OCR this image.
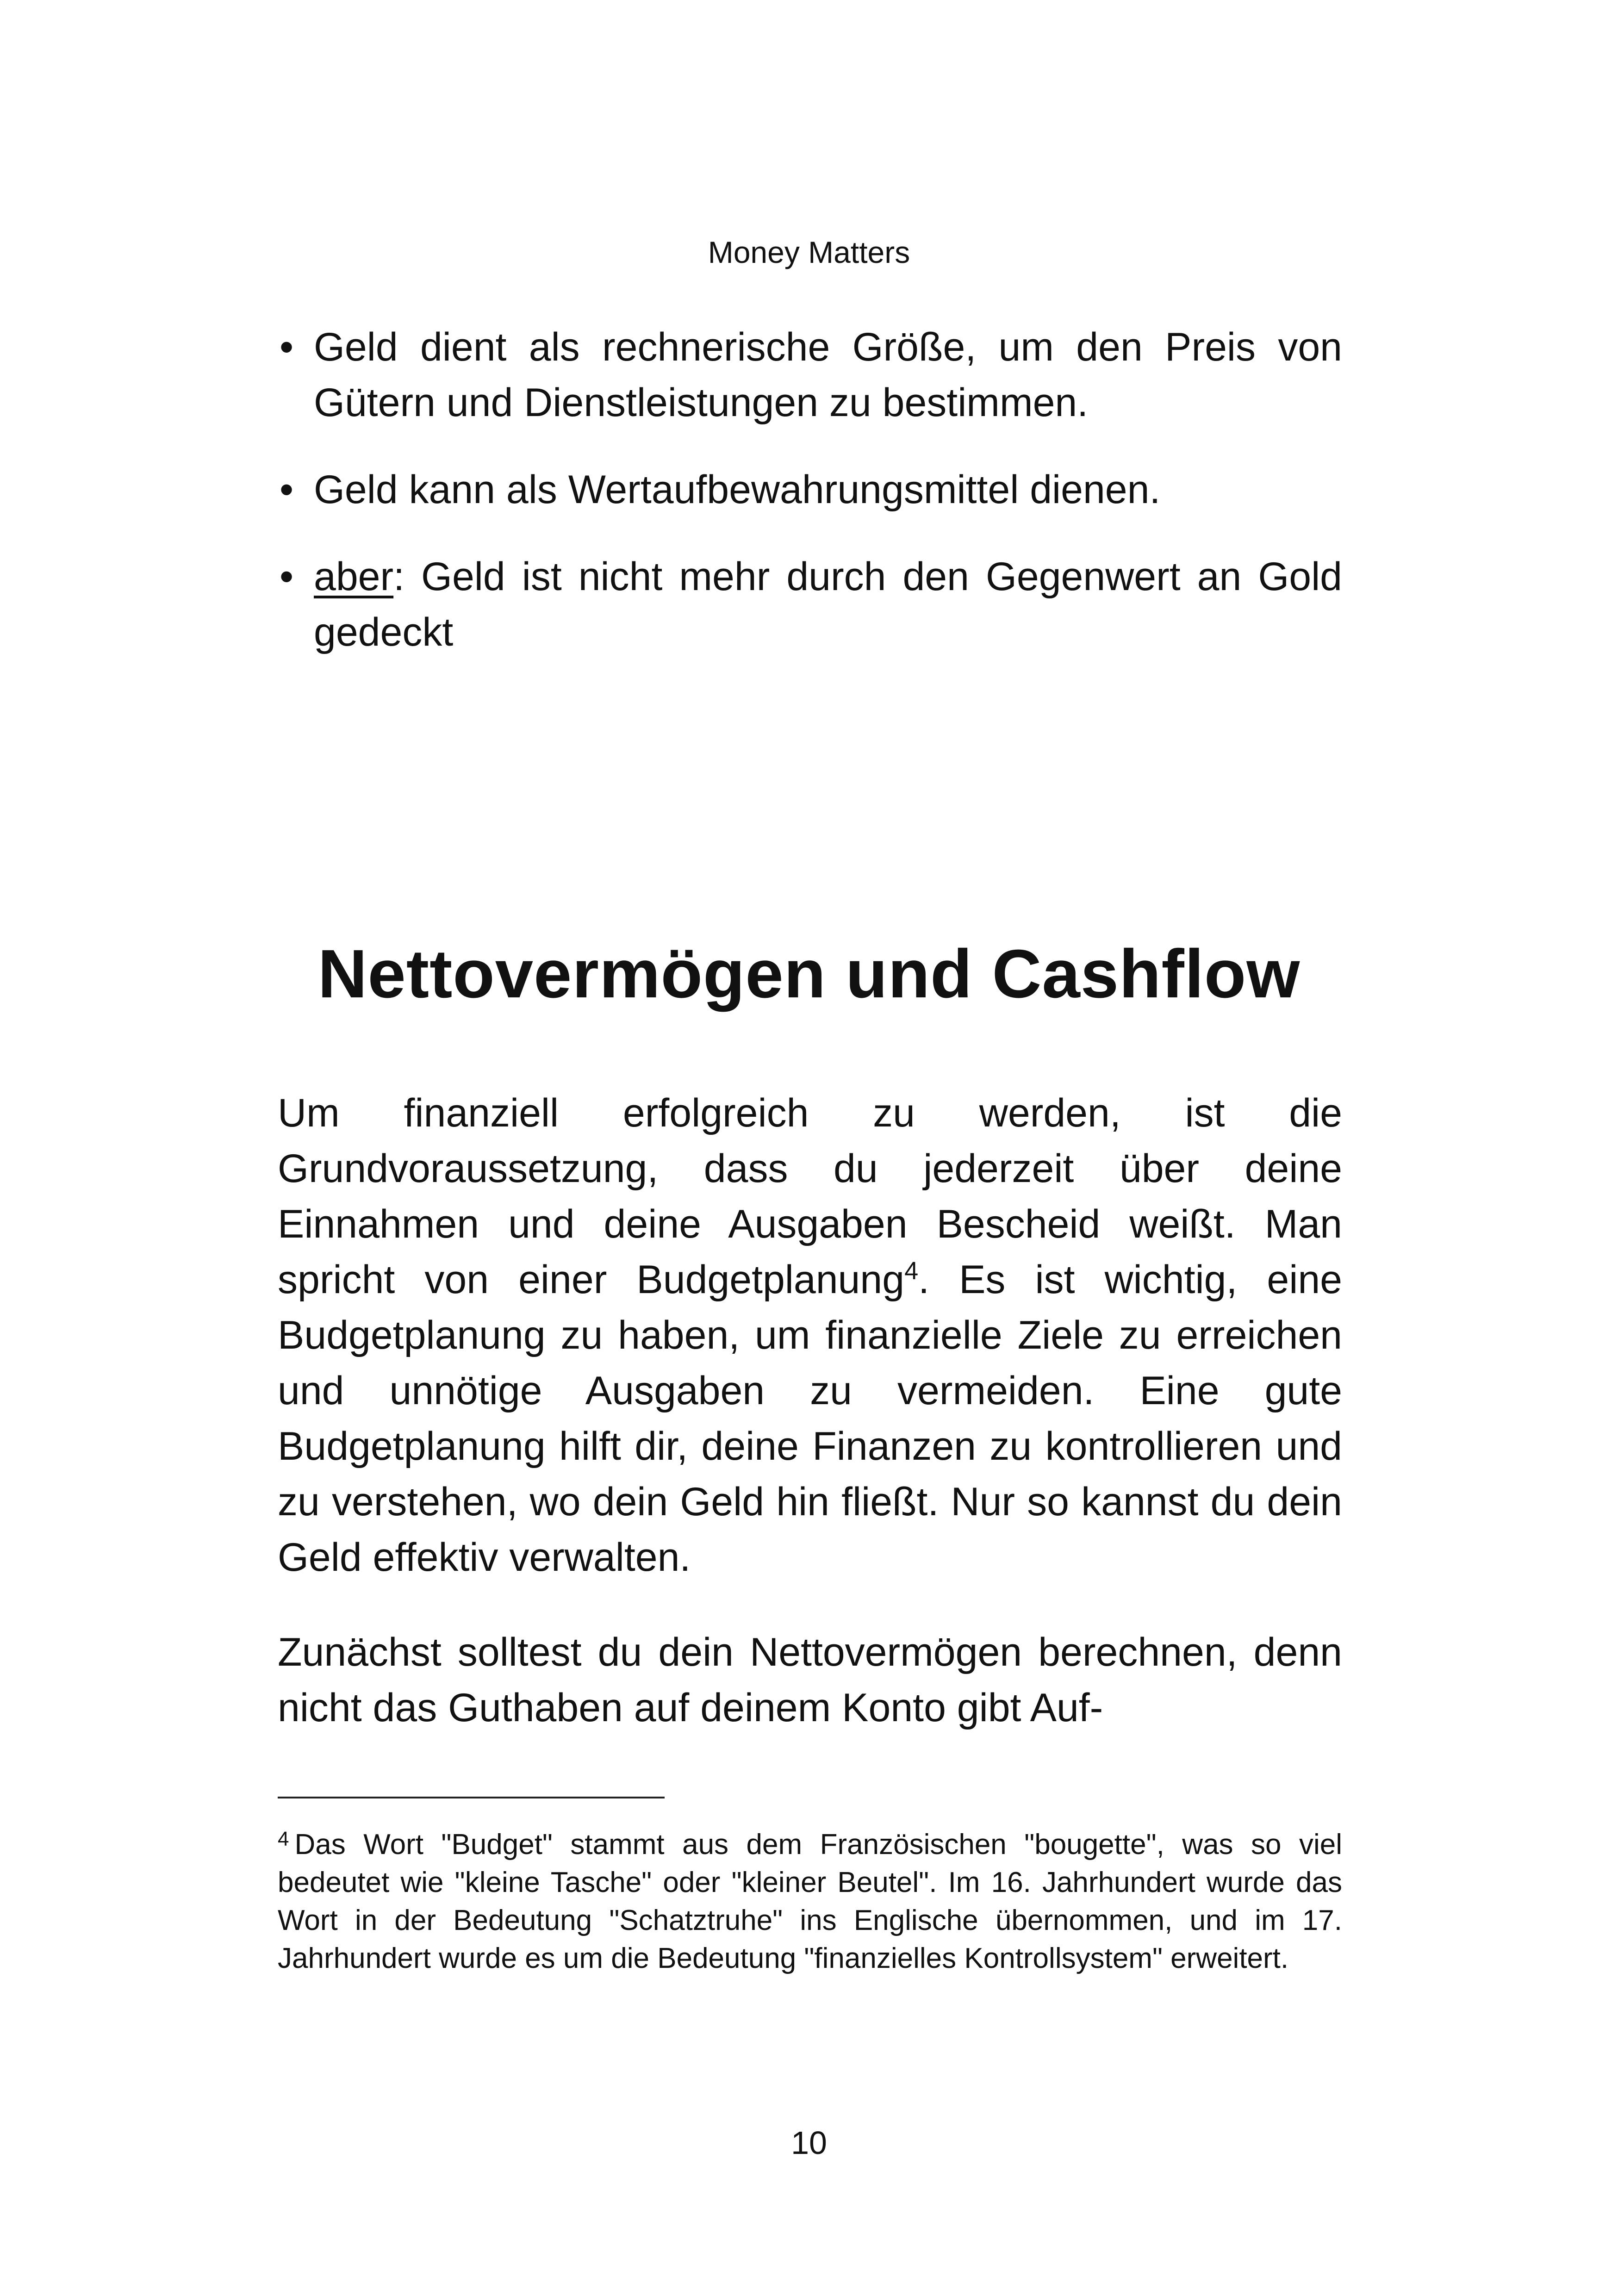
Money Matters
• Geld dient als rechnerische Größe, um den Preis von Gütern und Dienstleistungen zu bestimmen.
• Geld kann als Wertaufbewahrungsmittel dienen.
• aber: Geld ist nicht mehr durch den Gegenwert an Gold gedeckt
Nettovermögen und Cashflow

Um finanziell erfolgreich zu werden, ist die Grundvoraussetzung, dass du jederzeit über deine Einnahmen und deine Ausgaben Bescheid weißt. Man spricht von einer Budgetplanung$^4$. Es ist wichtig, eine Budgetplanung zu haben, um finanzielle Ziele zu erreichen und unnötige Ausgaben zu vermeiden. Eine gute Budgetplanung hilft dir, deine Finanzen zu kontrollieren und zu verstehen, wo dein Geld hin fließt. Nur so kannst du dein Geld effektiv verwalten.

Zunächst solltest du dein Nettovermögen berechnen, denn nicht das Guthaben auf deinem Konto gibt Auf-

$^4$ Das Wort "Budget" stammt aus dem Französischen "bougette", was so viel bedeutet wie "kleine Tasche" oder "kleiner Beutel". Im 16. Jahrhundert wurde das Wort in der Bedeutung "Schatztruhe" ins Englische übernommen, und im 17. Jahrhundert wurde es um die Bedeutung "finanzielles Kontrollsystem" erweitert.

10
